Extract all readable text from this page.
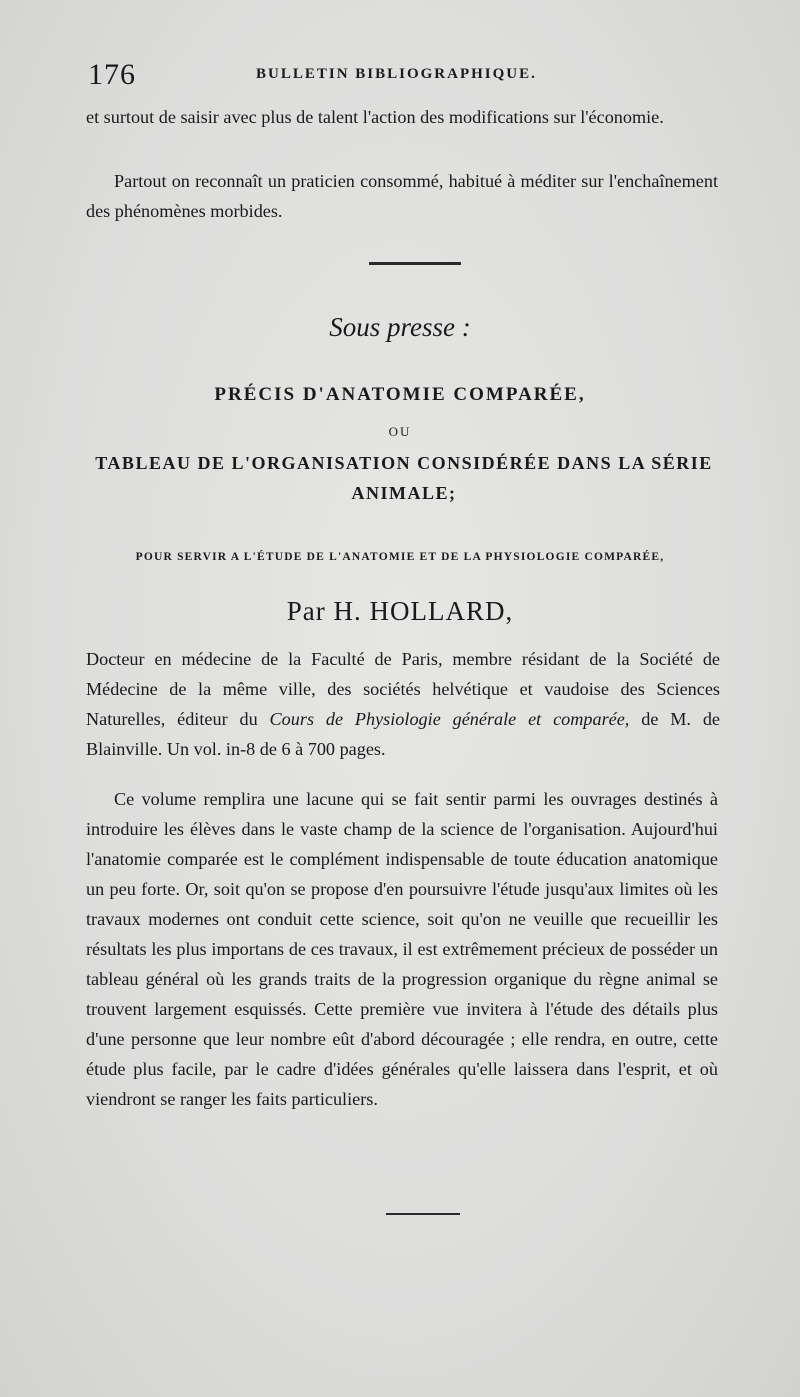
176	BULLETIN BIBLIOGRAPHIQUE.

et surtout de saisir avec plus de talent l'action des modifications sur l'économie.

Partout on reconnaît un praticien consommé, habitué à méditer sur l'enchaînement des phénomènes morbides.

Sous presse :
PRÉCIS D'ANATOMIE COMPARÉE,
OU
TABLEAU DE L'ORGANISATION CONSIDÉRÉE DANS LA SÉRIE ANIMALE;
POUR SERVIR A L'ÉTUDE DE L'ANATOMIE ET DE LA PHYSIOLOGIE COMPARÉE,
Par H. HOLLARD,

Docteur en médecine de la Faculté de Paris, membre résidant de la Société de Médecine de la même ville, des sociétés helvétique et vaudoise des Sciences Naturelles, éditeur du Cours de Physiologie générale et comparée, de M. de Blainville. Un vol. in-8 de 6 à 700 pages.

Ce volume remplira une lacune qui se fait sentir parmi les ouvrages destinés à introduire les élèves dans le vaste champ de la science de l'organisation. Aujourd'hui l'anatomie comparée est le complément indispensable de toute éducation anatomique un peu forte. Or, soit qu'on se propose d'en poursuivre l'étude jusqu'aux limites où les travaux modernes ont conduit cette science, soit qu'on ne veuille que recueillir les résultats les plus importans de ces travaux, il est extrêmement précieux de posséder un tableau général où les grands traits de la progression organique du règne animal se trouvent largement esquissés. Cette première vue invitera à l'étude des détails plus d'une personne que leur nombre eût d'abord découragée ; elle rendra, en outre, cette étude plus facile, par le cadre d'idées générales qu'elle laissera dans l'esprit, et où viendront se ranger les faits particuliers.
